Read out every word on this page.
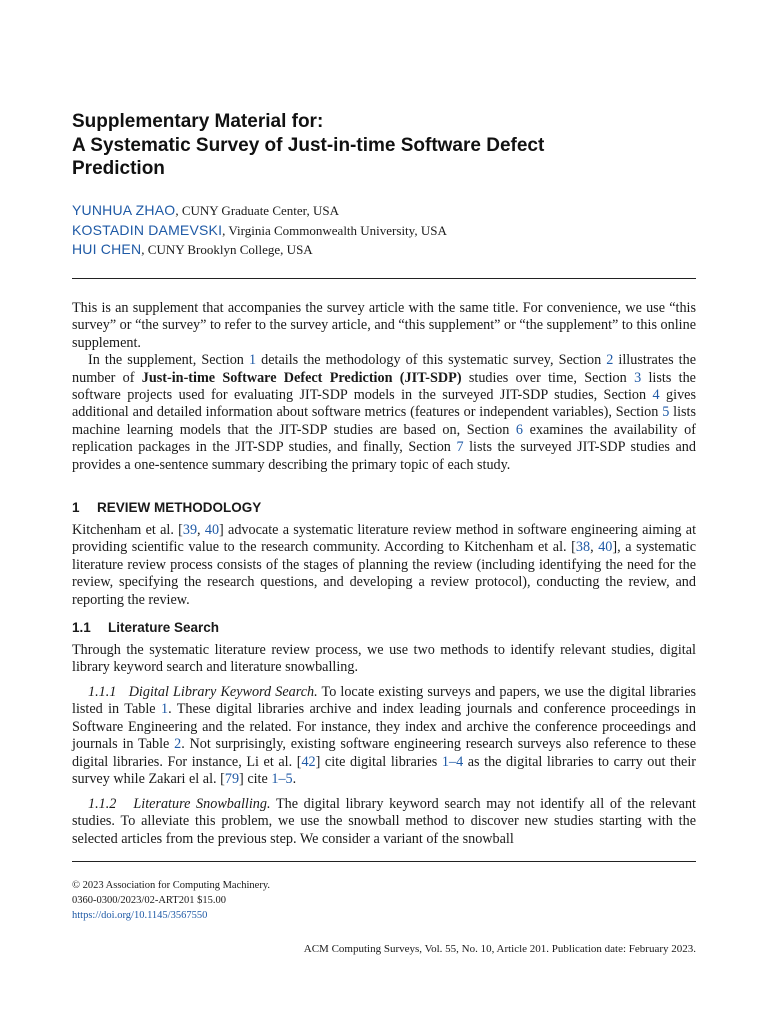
Supplementary Material for:
A Systematic Survey of Just-in-time Software Defect
Prediction
YUNHUA ZHAO, CUNY Graduate Center, USA
KOSTADIN DAMEVSKI, Virginia Commonwealth University, USA
HUI CHEN, CUNY Brooklyn College, USA

This is an supplement that accompanies the survey article with the same title. For convenience, we use “this survey” or “the survey” to refer to the survey article, and “this supplement” or “the supplement” to this online supplement.

In the supplement, Section 1 details the methodology of this systematic survey, Section 2 illustrates the number of Just-in-time Software Defect Prediction (JIT-SDP) studies over time, Section 3 lists the software projects used for evaluating JIT-SDP models in the surveyed JIT-SDP studies, Section 4 gives additional and detailed information about software metrics (features or independent variables), Section 5 lists machine learning models that the JIT-SDP studies are based on, Section 6 examines the availability of replication packages in the JIT-SDP studies, and finally, Section 7 lists the surveyed JIT-SDP studies and provides a one-sentence summary describing the primary topic of each study.

1 REVIEW METHODOLOGY

Kitchenham et al. [39, 40] advocate a systematic literature review method in software engineering aiming at providing scientific value to the research community. According to Kitchenham et al. [38, 40], a systematic literature review process consists of the stages of planning the review (including identifying the need for the review, specifying the research questions, and developing a review protocol), conducting the review, and reporting the review.

1.1 Literature Search

Through the systematic literature review process, we use two methods to identify relevant studies, digital library keyword search and literature snowballing.

1.1.1 Digital Library Keyword Search. To locate existing surveys and papers, we use the digital libraries listed in Table 1. These digital libraries archive and index leading journals and conference proceedings in Software Engineering and the related. For instance, they index and archive the conference proceedings and journals in Table 2. Not surprisingly, existing software engineering research surveys also reference to these digital libraries. For instance, Li et al. [42] cite digital libraries 1–4 as the digital libraries to carry out their survey while Zakari el al. [79] cite 1–5.

1.1.2 Literature Snowballing. The digital library keyword search may not identify all of the relevant studies. To alleviate this problem, we use the snowball method to discover new studies starting with the selected articles from the previous step. We consider a variant of the snowball

© 2023 Association for Computing Machinery.
0360-0300/2023/02-ART201 $15.00
https://doi.org/10.1145/3567550
ACM Computing Surveys, Vol. 55, No. 10, Article 201. Publication date: February 2023.
